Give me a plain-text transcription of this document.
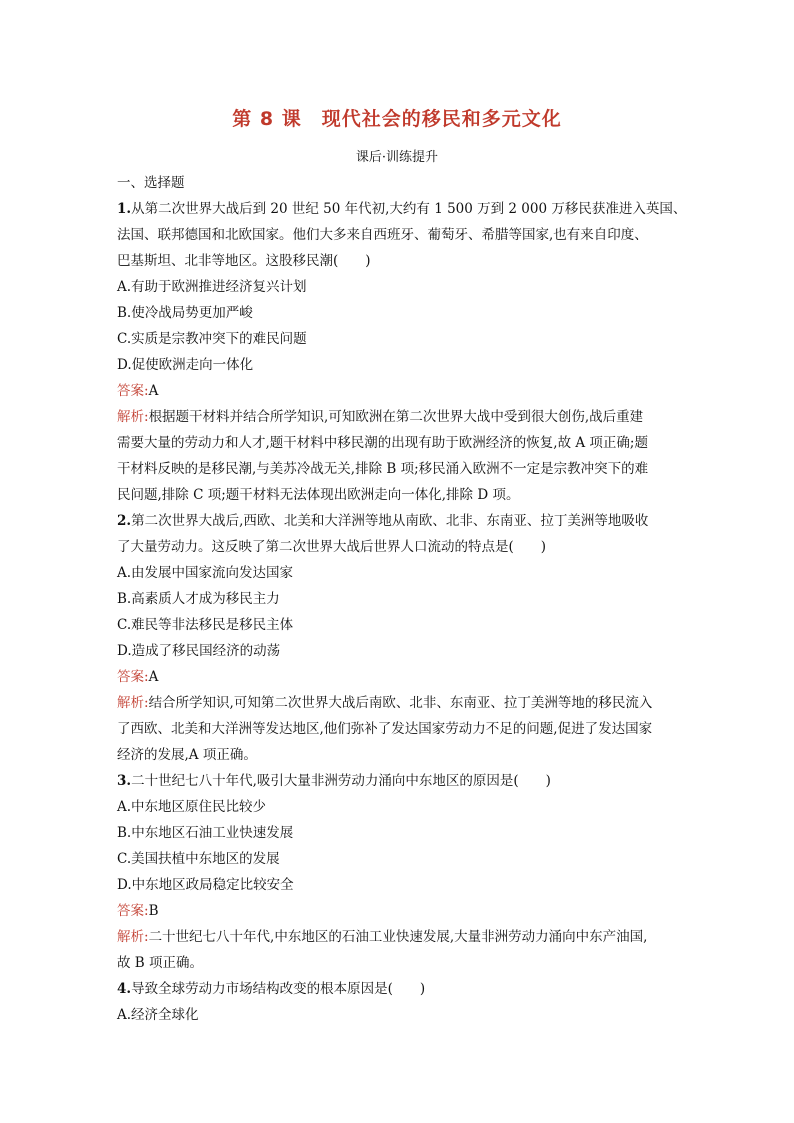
第 8 课　现代社会的移民和多元文化
课后·训练提升

一、选择题

1.从第二次世界大战后到 20 世纪 50 年代初,大约有 1 500 万到 2 000 万移民获准进入英国、

法国、联邦德国和北欧国家。他们大多来自西班牙、葡萄牙、希腊等国家,也有来自印度、

巴基斯坦、北非等地区。这股移民潮(　　)

A.有助于欧洲推进经济复兴计划

B.使冷战局势更加严峻

C.实质是宗教冲突下的难民问题

D.促使欧洲走向一体化

答案:A

解析:根据题干材料并结合所学知识,可知欧洲在第二次世界大战中受到很大创伤,战后重建

需要大量的劳动力和人才,题干材料中移民潮的出现有助于欧洲经济的恢复,故 A 项正确;题

干材料反映的是移民潮,与美苏冷战无关,排除 B 项;移民涌入欧洲不一定是宗教冲突下的难

民问题,排除 C 项;题干材料无法体现出欧洲走向一体化,排除 D 项。

2.第二次世界大战后,西欧、北美和大洋洲等地从南欧、北非、东南亚、拉丁美洲等地吸收

了大量劳动力。这反映了第二次世界大战后世界人口流动的特点是(　　)

A.由发展中国家流向发达国家

B.高素质人才成为移民主力

C.难民等非法移民是移民主体

D.造成了移民国经济的动荡

答案:A

解析:结合所学知识,可知第二次世界大战后南欧、北非、东南亚、拉丁美洲等地的移民流入

了西欧、北美和大洋洲等发达地区,他们弥补了发达国家劳动力不足的问题,促进了发达国家

经济的发展,A 项正确。

3.二十世纪七八十年代,吸引大量非洲劳动力涌向中东地区的原因是(　　)

A.中东地区原住民比较少

B.中东地区石油工业快速发展

C.美国扶植中东地区的发展

D.中东地区政局稳定比较安全

答案:B

解析:二十世纪七八十年代,中东地区的石油工业快速发展,大量非洲劳动力涌向中东产油国,

故 B 项正确。

4.导致全球劳动力市场结构改变的根本原因是(　　)

A.经济全球化
